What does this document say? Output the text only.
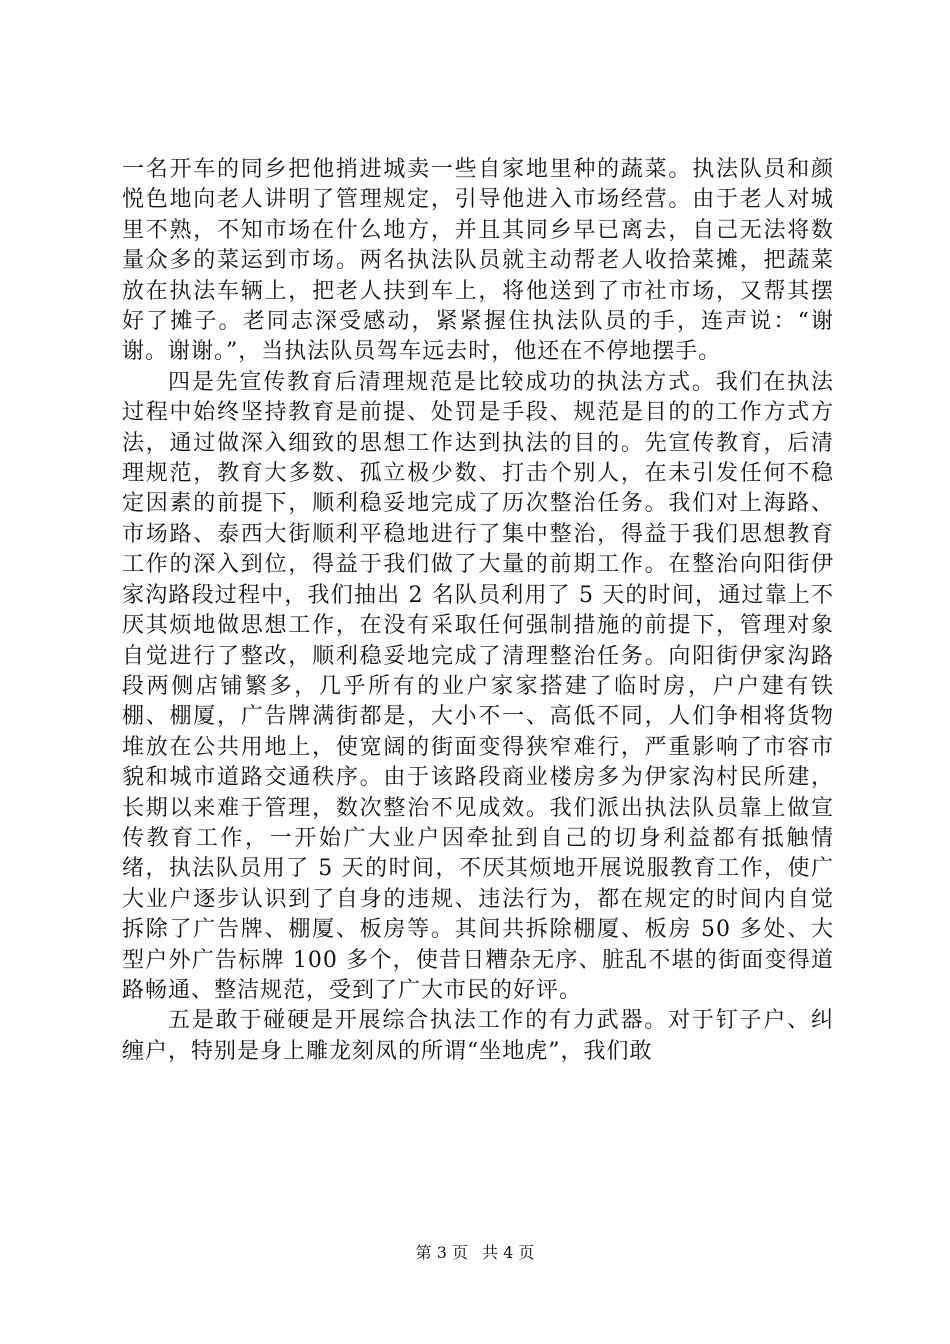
一名开车的同乡把他捎进城卖一些自家地里种的蔬菜。执法队员和颜悦色地向老人讲明了管理规定，引导他进入市场经营。由于老人对城里不熟，不知市场在什么地方，并且其同乡早已离去，自己无法将数量众多的菜运到市场。两名执法队员就主动帮老人收拾菜摊，把蔬菜放在执法车辆上，把老人扶到车上，将他送到了市社市场，又帮其摆好了摊子。老同志深受感动，紧紧握住执法队员的手，连声说：“谢谢。谢谢。”，当执法队员驾车远去时，他还在不停地摆手。

四是先宣传教育后清理规范是比较成功的执法方式。我们在执法过程中始终坚持教育是前提、处罚是手段、规范是目的的工作方式方法，通过做深入细致的思想工作达到执法的目的。先宣传教育，后清理规范，教育大多数、孤立极少数、打击个别人，在未引发任何不稳定因素的前提下，顺利稳妥地完成了历次整治任务。我们对上海路、市场路、泰西大街顺利平稳地进行了集中整治，得益于我们思想教育工作的深入到位，得益于我们做了大量的前期工作。在整治向阳街伊家沟路段过程中，我们抽出 2 名队员利用了 5 天的时间，通过靠上不厌其烦地做思想工作，在没有采取任何强制措施的前提下，管理对象自觉进行了整改，顺利稳妥地完成了清理整治任务。向阳街伊家沟路段两侧店铺繁多，几乎所有的业户家家搭建了临时房，户户建有铁棚、棚厦，广告牌满街都是，大小不一、高低不同，人们争相将货物堆放在公共用地上，使宽阔的街面变得狭窄难行，严重影响了市容市貌和城市道路交通秩序。由于该路段商业楼房多为伊家沟村民所建，长期以来难于管理，数次整治不见成效。我们派出执法队员靠上做宣传教育工作，一开始广大业户因牵扯到自己的切身利益都有抵触情绪，执法队员用了 5 天的时间，不厌其烦地开展说服教育工作，使广大业户逐步认识到了自身的违规、违法行为，都在规定的时间内自觉拆除了广告牌、棚厦、板房等。其间共拆除棚厦、板房 50 多处、大型户外广告标牌 100 多个，使昔日糟杂无序、脏乱不堪的街面变得道路畅通、整洁规范，受到了广大市民的好评。

五是敢于碰硬是开展综合执法工作的有力武器。对于钉子户、纠缠户，特别是身上雕龙刻凤的所谓“坐地虎”，我们敢

第 3 页 共 4 页
